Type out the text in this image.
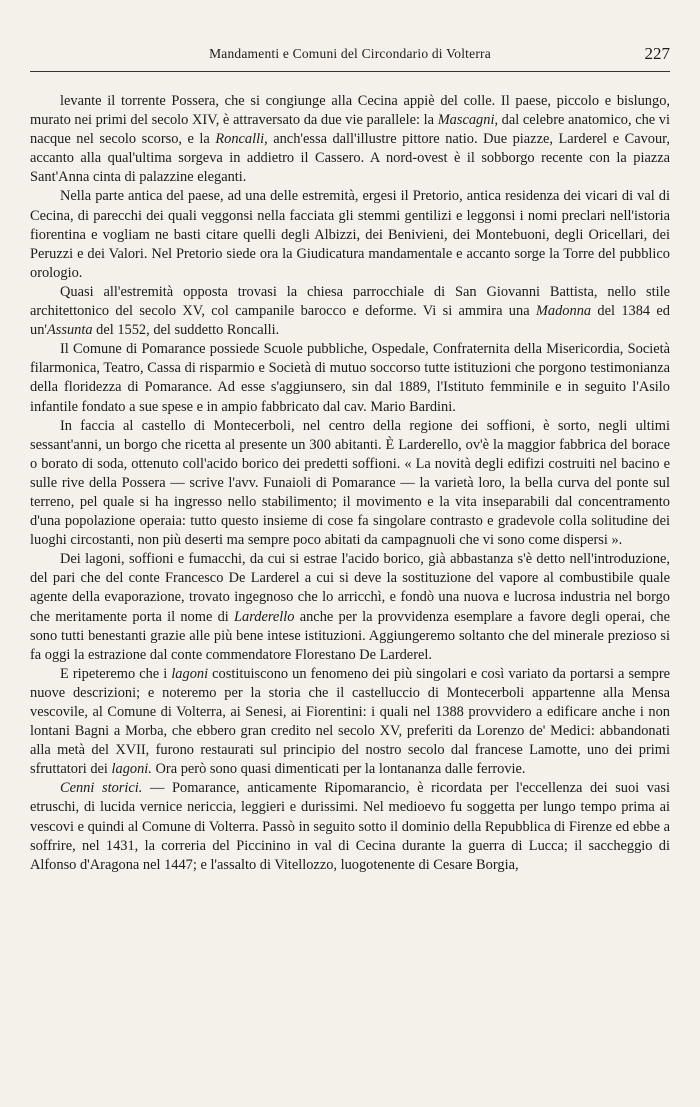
Mandamenti e Comuni del Circondario di Volterra	227

levante il torrente Possera, che si congiunge alla Cecina appiè del colle. Il paese, piccolo e bislungo, murato nei primi del secolo XIV, è attraversato da due vie parallele: la Mascagni, dal celebre anatomico, che vi nacque nel secolo scorso, e la Roncalli, anch'essa dall'illustre pittore natio. Due piazze, Larderel e Cavour, accanto alla qual'ultima sorgeva in addietro il Cassero. A nord-ovest è il sobborgo recente con la piazza Sant'Anna cinta di palazzine eleganti.

Nella parte antica del paese, ad una delle estremità, ergesi il Pretorio, antica residenza dei vicari di val di Cecina, di parecchi dei quali veggonsi nella facciata gli stemmi gentilizi e leggonsi i nomi preclari nell'istoria fiorentina e vogliam ne basti citare quelli degli Albizzi, dei Benivieni, dei Montebuoni, degli Oricellari, dei Peruzzi e dei Valori. Nel Pretorio siede ora la Giudicatura mandamentale e accanto sorge la Torre del pubblico orologio.

Quasi all'estremità opposta trovasi la chiesa parrocchiale di San Giovanni Battista, nello stile architettonico del secolo XV, col campanile barocco e deforme. Vi si ammira una Madonna del 1384 ed un'Assunta del 1552, del suddetto Roncalli.

Il Comune di Pomarance possiede Scuole pubbliche, Ospedale, Confraternita della Misericordia, Società filarmonica, Teatro, Cassa di risparmio e Società di mutuo soccorso tutte istituzioni che porgono testimonianza della floridezza di Pomarance. Ad esse s'aggiunsero, sin dal 1889, l'Istituto femminile e in seguito l'Asilo infantile fondato a sue spese e in ampio fabbricato dal cav. Mario Bardini.

In faccia al castello di Montecerboli, nel centro della regione dei soffioni, è sorto, negli ultimi sessant'anni, un borgo che ricetta al presente un 300 abitanti. È Larderello, ov'è la maggior fabbrica del borace o borato di soda, ottenuto coll'acido borico dei predetti soffioni. « La novità degli edifizi costruiti nel bacino e sulle rive della Possera — scrive l'avv. Funaioli di Pomarance — la varietà loro, la bella curva del ponte sul terreno, pel quale si ha ingresso nello stabilimento; il movimento e la vita inseparabili dal concentramento d'una popolazione operaia: tutto questo insieme di cose fa singolare contrasto e gradevole colla solitudine dei luoghi circostanti, non più deserti ma sempre poco abitati da campagnuoli che vi sono come dispersi ».

Dei lagoni, soffioni e fumacchi, da cui si estrae l'acido borico, già abbastanza s'è detto nell'introduzione, del pari che del conte Francesco De Larderel a cui si deve la sostituzione del vapore al combustibile quale agente della evaporazione, trovato ingegnoso che lo arricchì, e fondò una nuova e lucrosa industria nel borgo che meritamente porta il nome di Larderello anche per la provvidenza esemplare a favore degli operai, che sono tutti benestanti grazie alle più bene intese istituzioni. Aggiungeremo soltanto che del minerale prezioso si fa oggi la estrazione dal conte commendatore Florestano De Larderel.

E ripeteremo che i lagoni costituiscono un fenomeno dei più singolari e così variato da portarsi a sempre nuove descrizioni; e noteremo per la storia che il castelluccio di Montecerboli appartenne alla Mensa vescovile, al Comune di Volterra, ai Senesi, ai Fiorentini: i quali nel 1388 provvidero a edificare anche i non lontani Bagni a Morba, che ebbero gran credito nel secolo XV, preferiti da Lorenzo de' Medici: abbandonati alla metà del XVII, furono restaurati sul principio del nostro secolo dal francese Lamotte, uno dei primi sfruttatori dei lagoni. Ora però sono quasi dimenticati per la lontananza dalle ferrovie.

Cenni storici. — Pomarance, anticamente Ripomarancio, è ricordata per l'eccellenza dei suoi vasi etruschi, di lucida vernice nericcia, leggieri e durissimi. Nel medioevo fu soggetta per lungo tempo prima ai vescovi e quindi al Comune di Volterra. Passò in seguito sotto il dominio della Repubblica di Firenze ed ebbe a soffrire, nel 1431, la correria del Piccinino in val di Cecina durante la guerra di Lucca; il saccheggio di Alfonso d'Aragona nel 1447; e l'assalto di Vitellozzo, luogotenente di Cesare Borgia,
